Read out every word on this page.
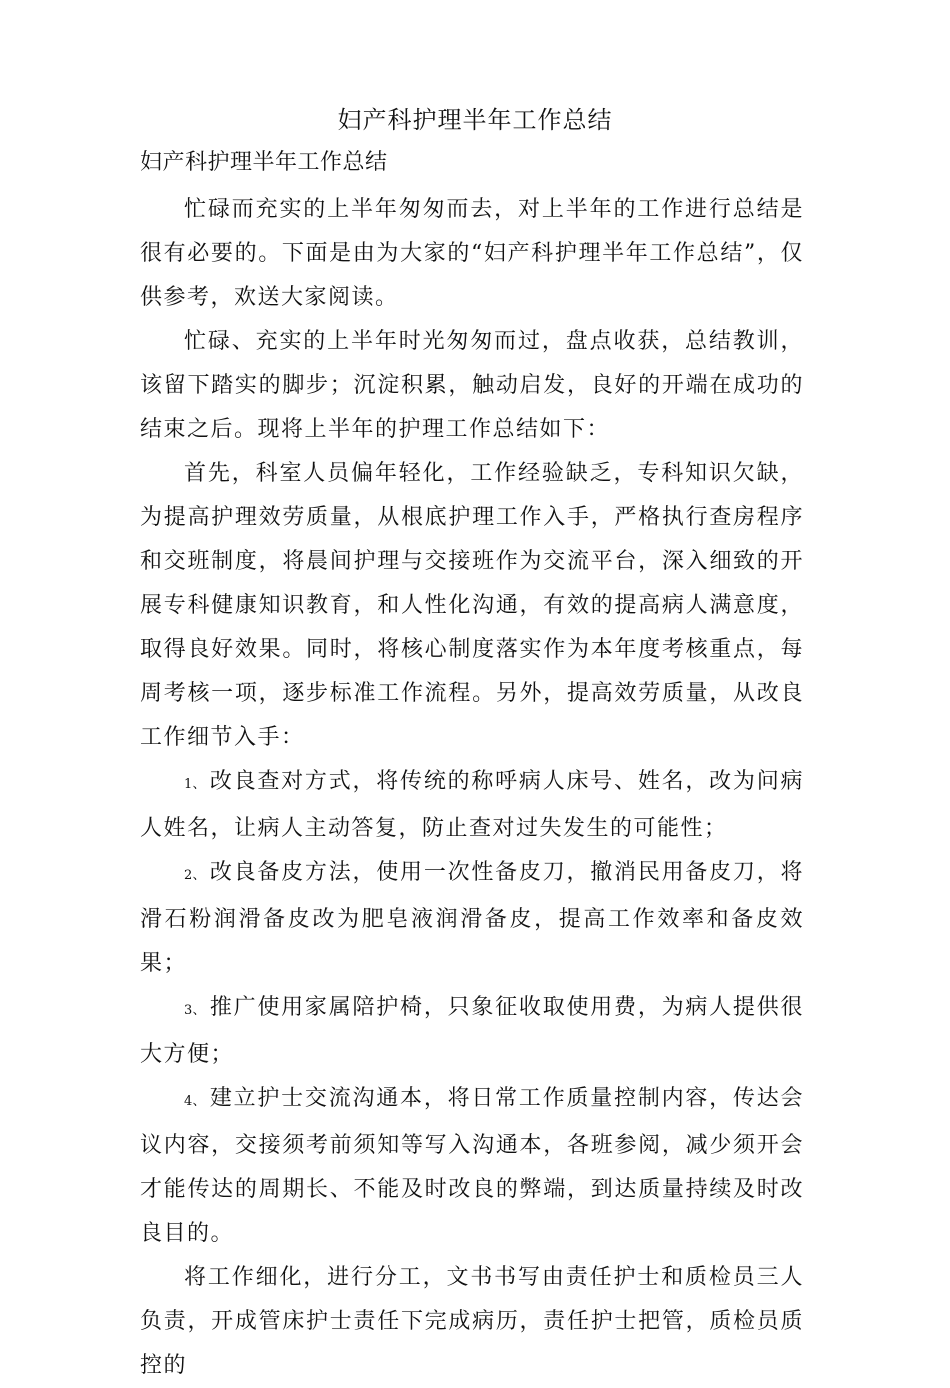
妇产科护理半年工作总结
妇产科护理半年工作总结

忙碌而充实的上半年匆匆而去，对上半年的工作进行总结是很有必要的。下面是由为大家的“妇产科护理半年工作总结”，仅供参考，欢送大家阅读。

忙碌、充实的上半年时光匆匆而过，盘点收获，总结教训，该留下踏实的脚步；沉淀积累，触动启发，良好的开端在成功的结束之后。现将上半年的护理工作总结如下：

首先，科室人员偏年轻化，工作经验缺乏，专科知识欠缺，为提高护理效劳质量，从根底护理工作入手，严格执行查房程序和交班制度，将晨间护理与交接班作为交流平台，深入细致的开展专科健康知识教育，和人性化沟通，有效的提高病人满意度，取得良好效果。同时，将核心制度落实作为本年度考核重点，每周考核一项，逐步标准工作流程。另外，提高效劳质量，从改良工作细节入手：

1、 改良查对方式，将传统的称呼病人床号、姓名，改为问病人姓名，让病人主动答复，防止查对过失发生的可能性；

2、 改良备皮方法，使用一次性备皮刀，撤消民用备皮刀，将滑石粉润滑备皮改为肥皂液润滑备皮，提高工作效率和备皮效果；

3、 推广使用家属陪护椅，只象征收取使用费，为病人提供很大方便；

4、 建立护士交流沟通本，将日常工作质量控制内容，传达会议内容，交接须考前须知等写入沟通本，各班参阅，减少须开会才能传达的周期长、不能及时改良的弊端，到达质量持续及时改良目的。

将工作细化，进行分工，文书书写由责任护士和质检员三人负责，开成管床护士责任下完成病历，责任护士把管，质检员质控的
